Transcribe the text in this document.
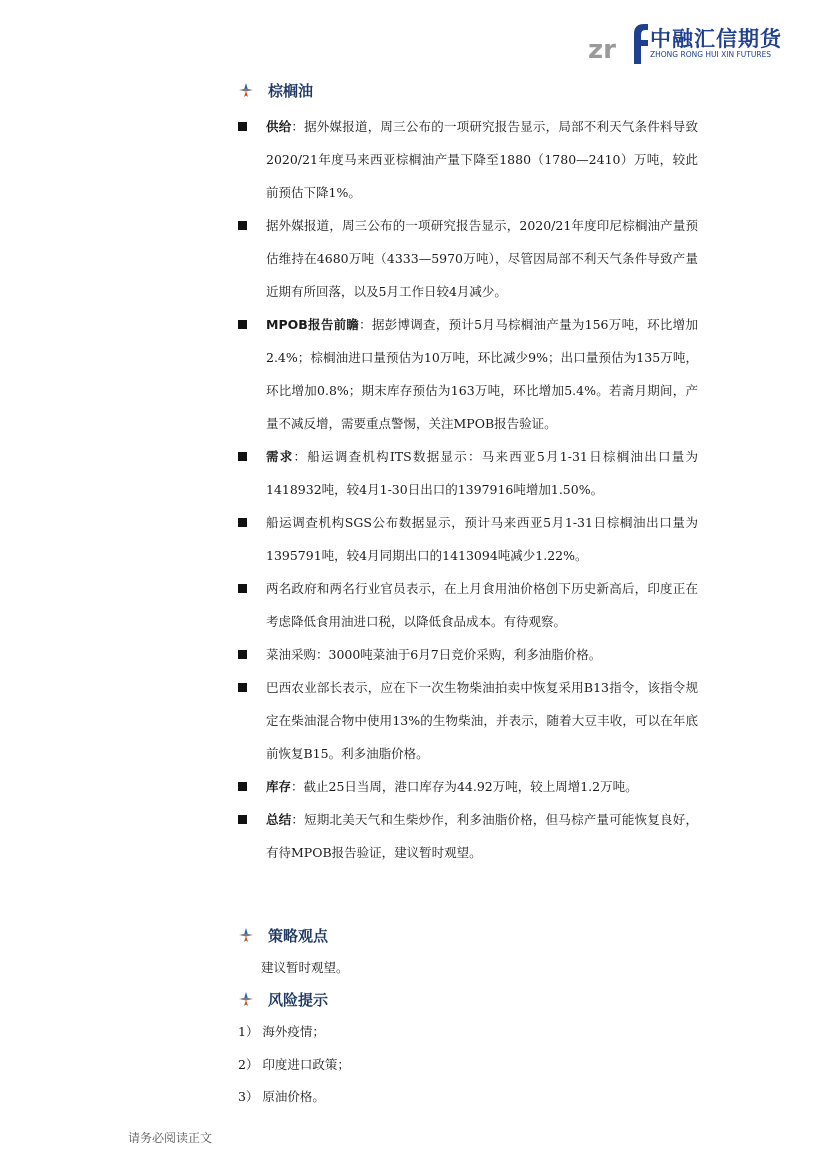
zr 中融汇信期货
ZHONG RONG HUI XIN FUTURES
棕榈油
供给：据外媒报道，周三公布的一项研究报告显示，局部不利天气条件料导致2020/21年度马来西亚棕榈油产量下降至1880（1780—2410）万吨，较此前预估下降1%。
据外媒报道，周三公布的一项研究报告显示，2020/21年度印尼棕榈油产量预估维持在4680万吨（4333—5970万吨），尽管因局部不利天气条件导致产量近期有所回落，以及5月工作日较4月减少。
MPOB报告前瞻：据彭博调查，预计5月马棕榈油产量为156万吨，环比增加2.4%；棕榈油进口量预估为10万吨，环比减少9%；出口量预估为135万吨，环比增加0.8%；期末库存预估为163万吨，环比增加5.4%。若斋月期间，产量不减反增，需要重点警惕，关注MPOB报告验证。
需求：船运调查机构ITS数据显示：马来西亚5月1-31日棕榈油出口量为1418932吨，较4月1-30日出口的1397916吨增加1.50%。
船运调查机构SGS公布数据显示，预计马来西亚5月1-31日棕榈油出口量为1395791吨，较4月同期出口的1413094吨减少1.22%。
两名政府和两名行业官员表示，在上月食用油价格创下历史新高后，印度正在考虑降低食用油进口税，以降低食品成本。有待观察。
菜油采购：3000吨菜油于6月7日竞价采购，利多油脂价格。
巴西农业部长表示，应在下一次生物柴油拍卖中恢复采用B13指令，该指令规定在柴油混合物中使用13%的生物柴油，并表示，随着大豆丰收，可以在年底前恢复B15。利多油脂价格。
库存：截止25日当周，港口库存为44.92万吨，较上周增1.2万吨。
总结：短期北美天气和生柴炒作，利多油脂价格，但马棕产量可能恢复良好，有待MPOB报告验证，建议暂时观望。
策略观点
建议暂时观望。
风险提示
1） 海外疫情；
2） 印度进口政策；
3） 原油价格。
请务必阅读正文
